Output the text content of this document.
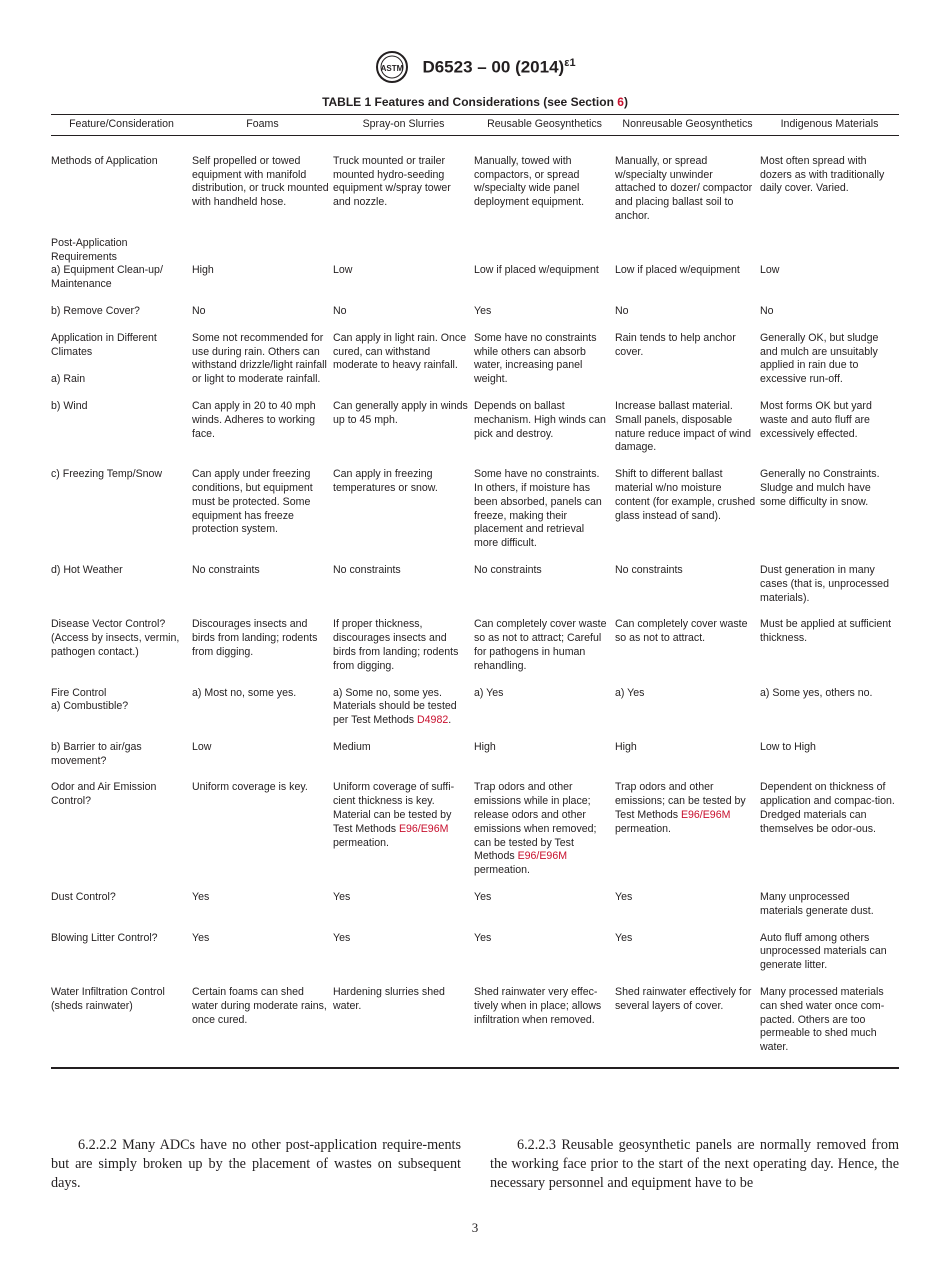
ASTM D6523 – 00 $(2014)^{\varepsilon 1}$
TABLE 1 Features and Considerations (see Section 6)
Feature/Consideration	Foams	Spray-on Slurries	Reusable Geosynthetics	Nonreusable Geosynthetics	Indigenous Materials
Methods of Application	Self propelled or towed equipment with manifold distribution, or truck mounted with handheld hose.	Truck mounted or trailer mounted hydro-seeding equipment w/spray tower and nozzle.	Manually, towed with compactors, or spread w/specialty wide panel deployment equipment.	Manually, or spread w/specialty unwinder attached to dozer/ compactor and placing ballast soil to anchor.	Most often spread with dozers as with traditionally daily cover. Varied.

Post-Application Requirements
a) Equipment Clean-up/ Maintenance	High	Low	Low if placed w/equipment	Low if placed w/equipment	Low

b) Remove Cover?	No	No	Yes	No	No

Application in Different Climates
a) Rain	Some not recommended for use during rain. Others can withstand drizzle/light rainfall or light to moderate rainfall.	Can apply in light rain. Once cured, can withstand moderate to heavy rainfall.	Some have no constraints while others can absorb water, increasing panel weight.	Rain tends to help anchor cover.	Generally OK, but sludge and mulch are unsuitably applied in rain due to excessive run-off.
b) Wind	Can apply in 20 to 40 mph winds. Adheres to working face.	Can generally apply in winds up to 45 mph.	Depends on ballast mechanism. High winds can pick and destroy.	Increase ballast material. Small panels, disposable nature reduce impact of wind damage.	Most forms OK but yard waste and auto fluff are excessively effected.
c) Freezing Temp/Snow	Can apply under freezing conditions, but equipment must be protected. Some equipment has freeze protection system.	Can apply in freezing temperatures or snow.	Some have no constraints. In others, if moisture has been absorbed, panels can freeze, making their placement and retrieval more difficult.	Shift to different ballast material w/no moisture content (for example, crushed glass instead of sand).	Generally no Constraints. Sludge and mulch have some difficulty in snow.
d) Hot Weather	No constraints	No constraints	No constraints	No constraints	Dust generation in many cases (that is, unprocessed materials).
Disease Vector Control? (Access by insects, vermin, pathogen contact.)	Discourages insects and birds from landing; rodents from digging.	If proper thickness, discourages insects and birds from landing; rodents from digging.	Can completely cover waste so as not to attract; Careful for pathogens in human rehandling.	Can completely cover waste so as not to attract.	Must be applied at sufficient thickness.

Fire Control
a) Combustible?	a) Most no, some yes.	a) Some no, some yes. Materials should be tested per Test Methods D4982.	a) Yes	a) Yes	a) Some yes, others no.
b) Barrier to air/gas movement?	Low	Medium	High	High	Low to High
Odor and Air Emission Control?	Uniform coverage is key.	Uniform coverage of suffi-cient thickness is key. Material can be tested by Test Methods E96/E96M permeation.	Trap odors and other emissions while in place; release odors and other emissions when removed; can be tested by Test Methods E96/E96M permeation.	Trap odors and other emissions; can be tested by Test Methods E96/E96M permeation.	Dependent on thickness of application and compac-tion. Dredged materials can themselves be odor-ous.
Dust Control?	Yes	Yes	Yes	Yes	Many unprocessed materials generate dust.
Blowing Litter Control?	Yes	Yes	Yes	Yes	Auto fluff among others unprocessed materials can generate litter.
Water Infiltration Control (sheds rainwater)	Certain foams can shed water during moderate rains, once cured.	Hardening slurries shed water.	Shed rainwater very effec-tively when in place; allows infiltration when removed.	Shed rainwater effectively for several layers of cover.	Many processed materials can shed water once com-pacted. Others are too permeable to shed much water.
6.2.2.2 Many ADCs have no other post-application require-ments but are simply broken up by the placement of wastes on subsequent days.
6.2.2.3 Reusable geosynthetic panels are normally removed from the working face prior to the start of the next operating day. Hence, the necessary personnel and equipment have to be
3
